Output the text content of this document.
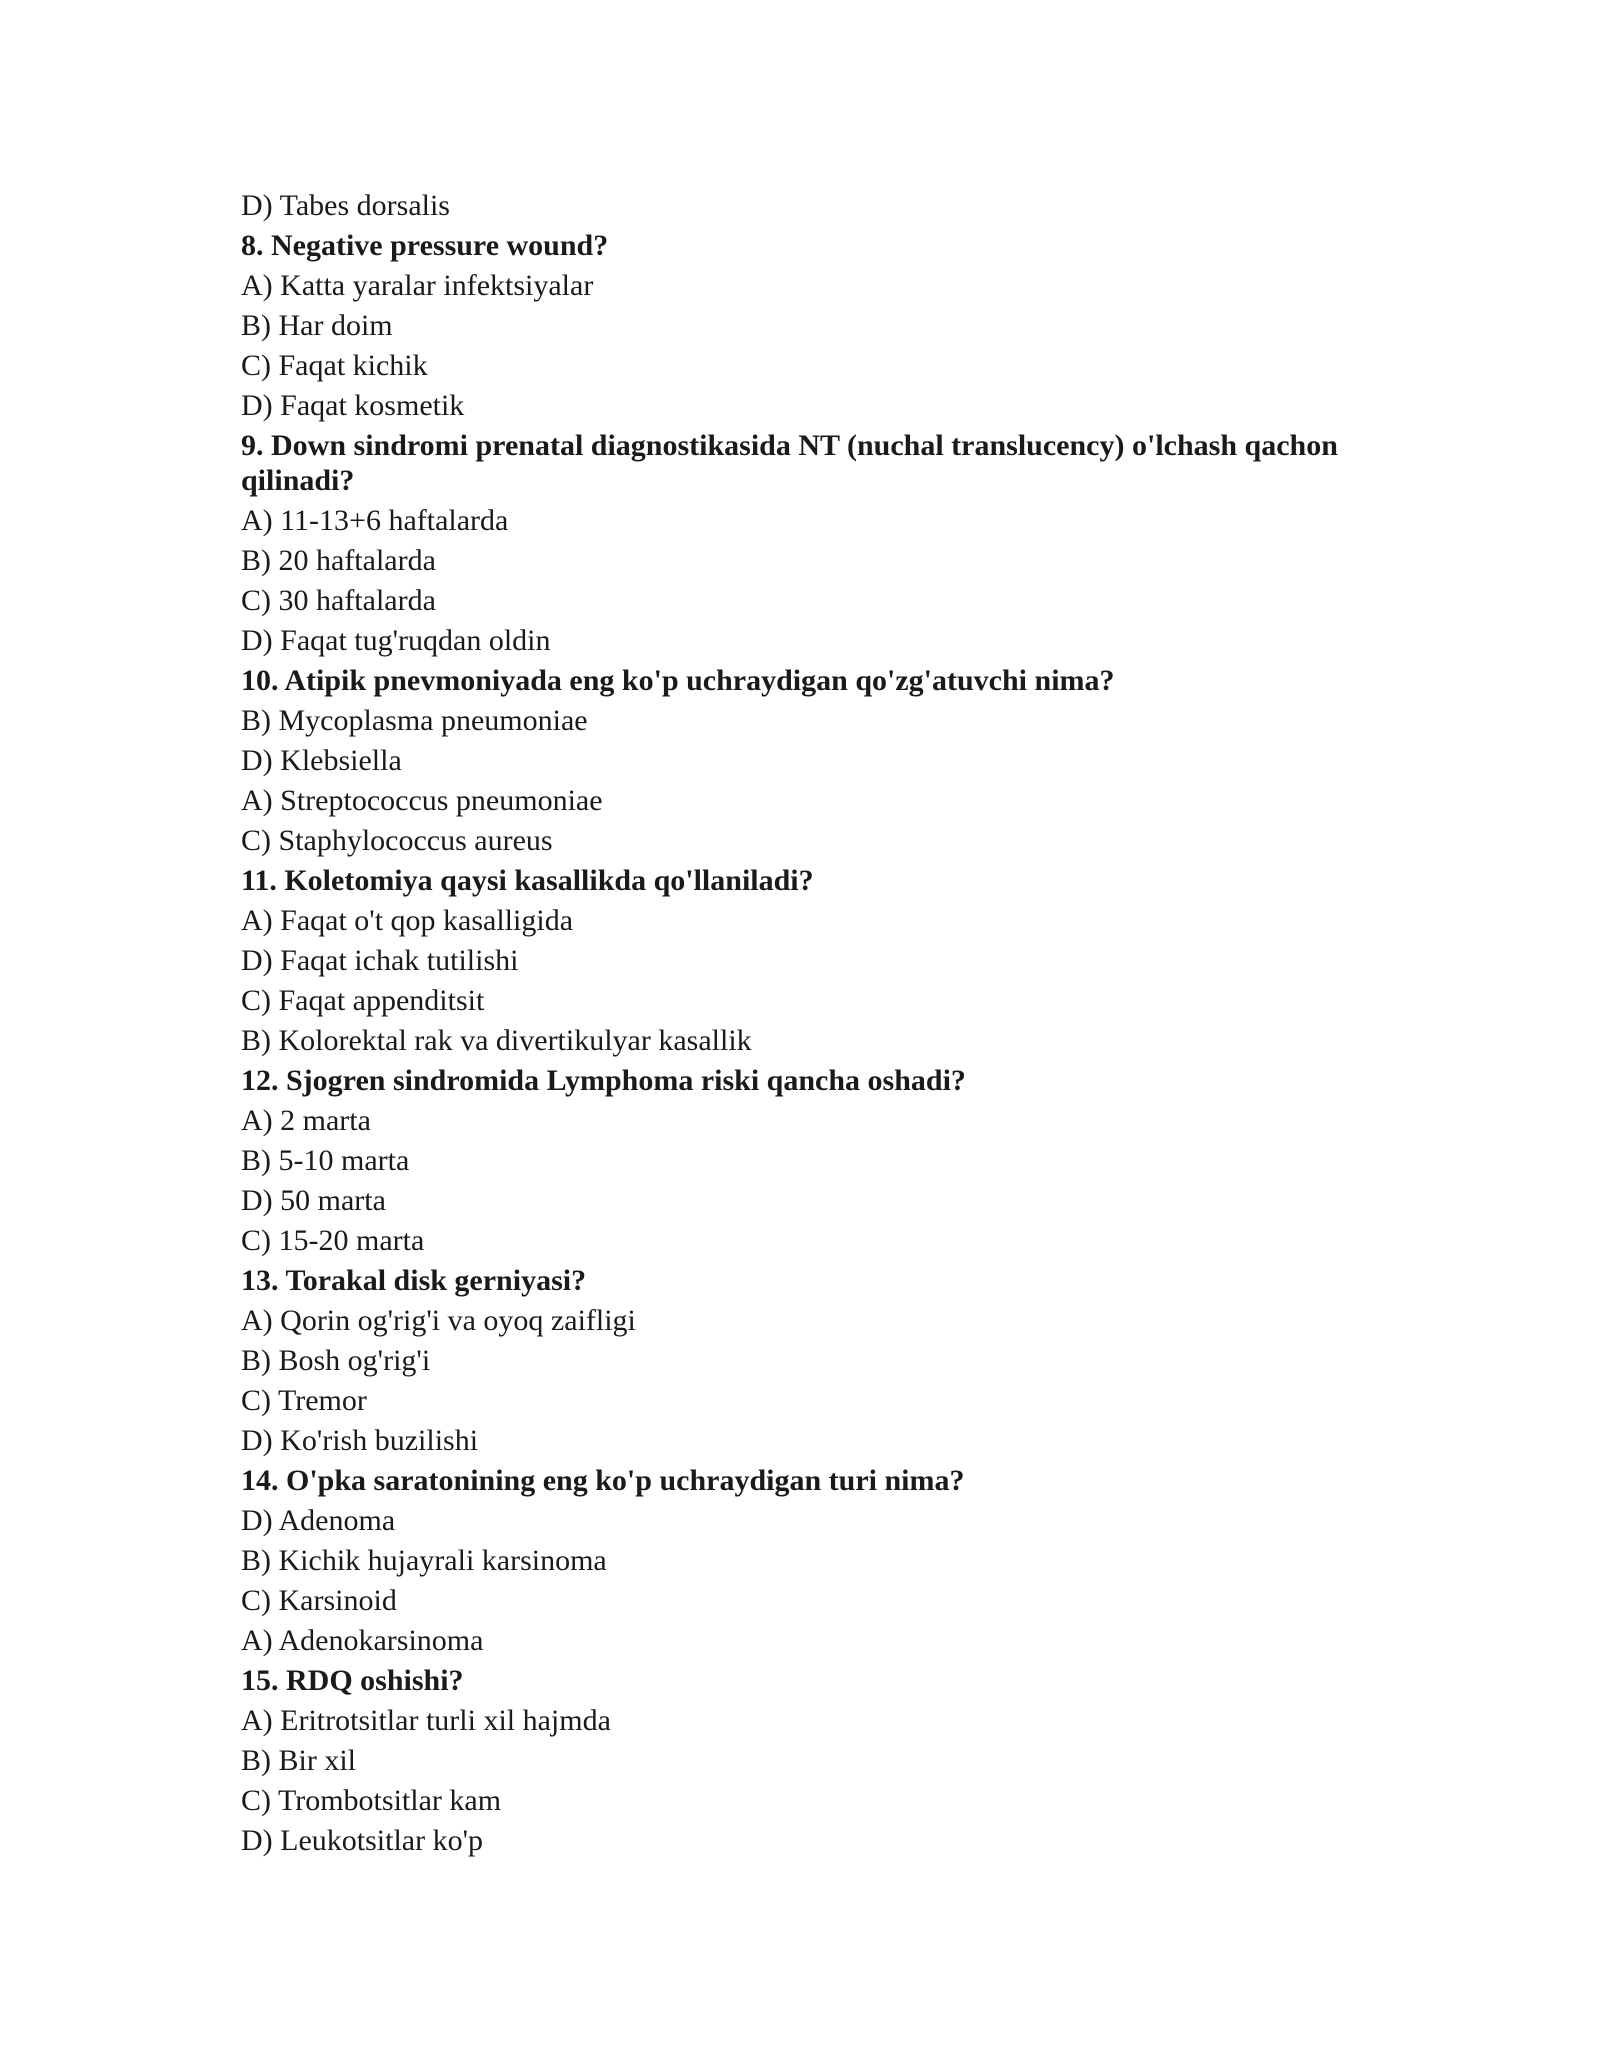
D) Tabes dorsalis
8. Negative pressure wound?
A) Katta yaralar infektsiyalar
B) Har doim
C) Faqat kichik
D) Faqat kosmetik
9. Down sindromi prenatal diagnostikasida NT (nuchal translucency) o'lchash qachon qilinadi?
A) 11-13+6 haftalarda
B) 20 haftalarda
C) 30 haftalarda
D) Faqat tug'ruqdan oldin
10. Atipik pnevmoniyada eng ko'p uchraydigan qo'zg'atuvchi nima?
B) Mycoplasma pneumoniae
D) Klebsiella
A) Streptococcus pneumoniae
C) Staphylococcus aureus
11. Koletomiya qaysi kasallikda qo'llaniladi?
A) Faqat o't qop kasalligida
D) Faqat ichak tutilishi
C) Faqat appenditsit
B) Kolorektal rak va divertikulyar kasallik
12. Sjogren sindromida Lymphoma riski qancha oshadi?
A) 2 marta
B) 5-10 marta
D) 50 marta
C) 15-20 marta
13. Torakal disk gerniyasi?
A) Qorin og'rig'i va oyoq zaifligi
B) Bosh og'rig'i
C) Tremor
D) Ko'rish buzilishi
14. O'pka saratonining eng ko'p uchraydigan turi nima?
D) Adenoma
B) Kichik hujayrali karsinoma
C) Karsinoid
A) Adenokarsinoma
15. RDQ oshishi?
A) Eritrotsitlar turli xil hajmda
B) Bir xil
C) Trombotsitlar kam
D) Leukotsitlar ko'p
